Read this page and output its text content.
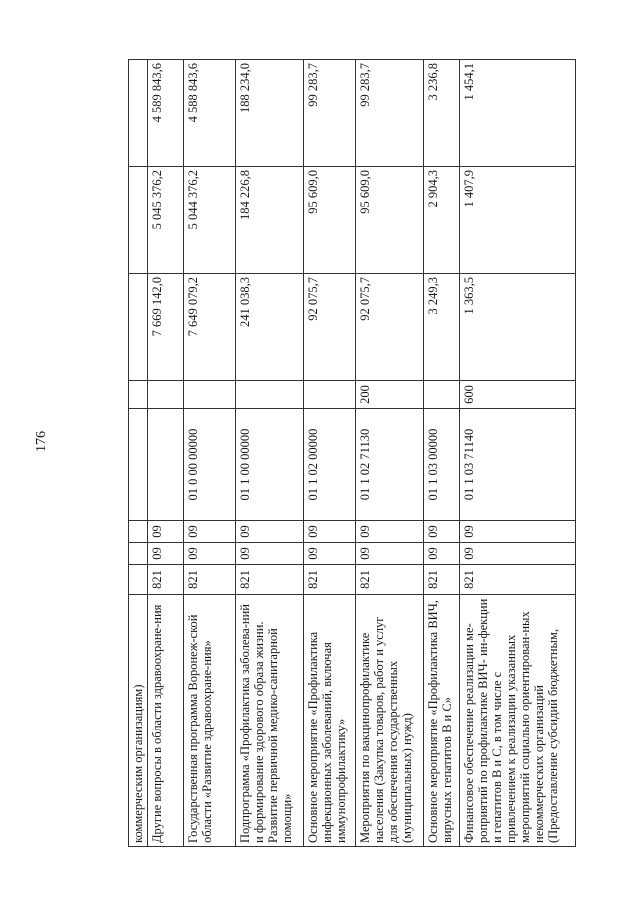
176
коммерческим организациям)								
Другие вопросы в области здравоохране-ния	821	09	09			7 669 142,0	5 045 376,2	4 589 843,6
Государственная программа Воронеж-ской области «Развитие здравоохране-ния»	821	09	09	01 0 00 00000		7 649 079,2	5 044 376,2	4 588 843,6
Подпрограмма «Профилактика заболева-ний и формирование здорового образа жизни. Развитие первичной медико-санитарной помощи»	821	09	09	01 1 00 00000		241 038,3	184 226,8	188 234,0
Основное мероприятие «Профилактика инфекционных заболеваний, включая иммунопрофилактику»	821	09	09	01 1 02 00000		92 075,7	95 609,0	99 283,7
Мероприятия по вакцинопрофилактике населения (Закупка товаров, работ и услуг для обеспечения государственных (муниципальных) нужд)	821	09	09	01 1 02 71130	200	92 075,7	95 609,0	99 283,7
Основное мероприятие «Профилактика ВИЧ, вирусных гепатитов В и С»	821	09	09	01 1 03 00000		3 249,3	2 904,3	3 236,8
Финансовое обеспечение реализации ме-роприятий по профилактике ВИЧ- ин-фекции и гепатитов В и С, в том числе с привлечением к реализации указанных мероприятий социально ориентирован-ных некоммерческих организаций (Предоставление субсидий бюджетным,	821	09	09	01 1 03 71140	600	1 363,5	1 407,9	1 454,1
